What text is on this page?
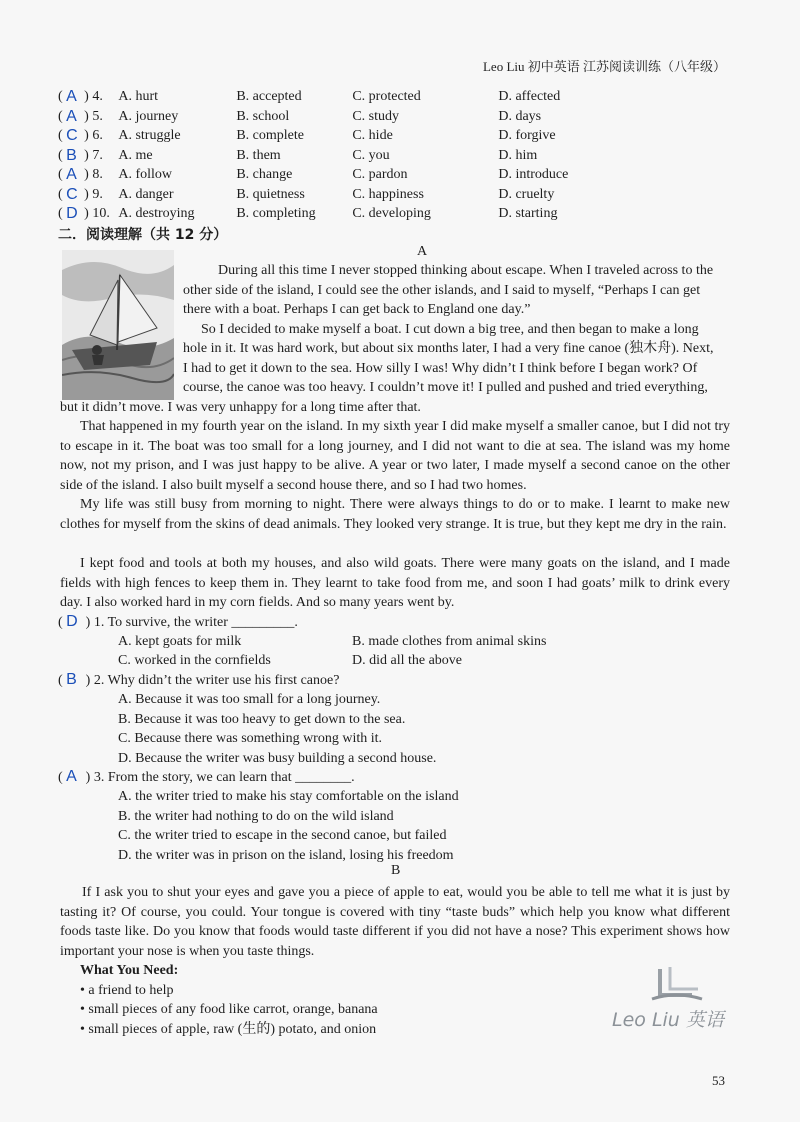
Leo Liu 初中英语 江苏阅读训练（八年级）
( A ) 4.	A. hurt	B. accepted	C. protected	D. affected
( A ) 5.	A. journey	B. school	C. study	D. days
( C ) 6.	A. struggle	B. complete	C. hide	D. forgive
( B ) 7.	A. me	B. them	C. you	D. him
( A ) 8.	A. follow	B. change	C. pardon	D. introduce
( C ) 9.	A. danger	B. quietness	C. happiness	D. cruelty
( D ) 10. A. destroying	B. completing	C. developing	D. starting
二．阅读理解（共 12 分）
A
During all this time I never stopped thinking about escape. When I traveled across to the
other side of the island, I could see the other islands, and I said to myself, “Perhaps I can get
there with a boat. Perhaps I can get back to England one day.”
So I decided to make myself a boat. I cut down a big tree, and then began to make a long
hole in it. It was hard work, but about six months later, I had a very fine canoe (独木舟). Next,
I had to get it down to the sea. How silly I was! Why didn’t I think before I began work? Of
course, the canoe was too heavy. I couldn’t move it! I pulled and pushed and tried everything,
but it didn’t move. I was very unhappy for a long time after that.
That happened in my fourth year on the island. In my sixth year I did make myself a smaller canoe, but I did not try to escape in it. The boat was too small for a long journey, and I did not want to die at sea. The island was my home now, not my prison, and I was just happy to be alive. A year or two later, I made myself a second canoe on the other side of the island. I also built myself a second house there, and so I had two homes.
My life was still busy from morning to night. There were always things to do or to make. I learnt to make new clothes for myself from the skins of dead animals. They looked very strange. It is true, but they kept me dry in the rain.
I kept food and tools at both my houses, and also wild goats. There were many goats on the island, and I made fields with high fences to keep them in. They learnt to take food from me, and soon I had goats’ milk to drink every day. I also worked hard in my corn fields. And so many years went by.
( D ) 1. To survive, the writer _________.
A. kept goats for milk	B. made clothes from animal skins
C. worked in the cornfields	D. did all the above
( B ) 2. Why didn’t the writer use his first canoe?
A. Because it was too small for a long journey.
B. Because it was too heavy to get down to the sea.
C. Because there was something wrong with it.
D. Because the writer was busy building a second house.
( A ) 3. From the story, we can learn that ________.
A. the writer tried to make his stay comfortable on the island
B. the writer had nothing to do on the wild island
C. the writer tried to escape in the second canoe, but failed
D. the writer was in prison on the island, losing his freedom
B
If I ask you to shut your eyes and gave you a piece of apple to eat, would you be able to tell me what it is just by tasting it? Of course, you could. Your tongue is covered with tiny “taste buds” which help you know what different foods taste like. Do you know that foods would taste different if you did not have a nose? This experiment shows how important your nose is when you taste things.
What You Need:
• a friend to help
• small pieces of any food like carrot, orange, banana
• small pieces of apple, raw (生的) potato, and onion	Leo Liu 英语
53
